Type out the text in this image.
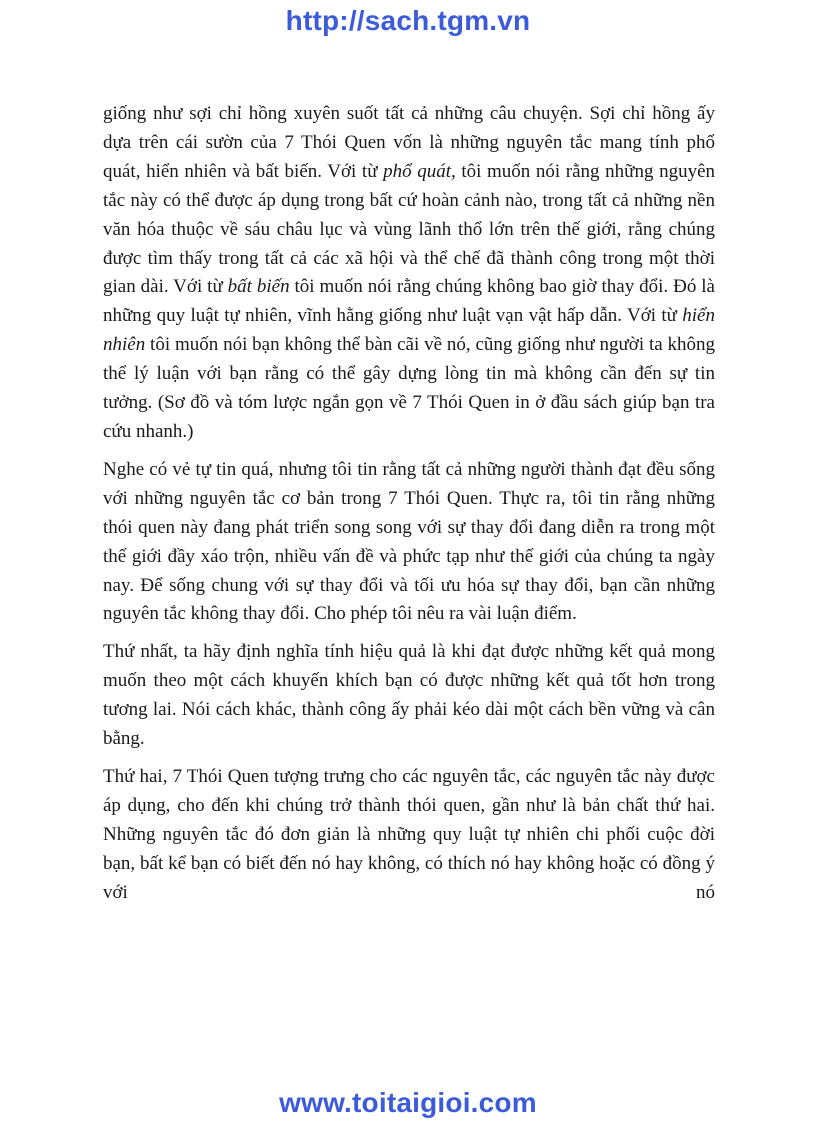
http://sach.tgm.vn

giống như sợi chỉ hồng xuyên suốt tất cả những câu chuyện. Sợi chỉ hồng ấy dựa trên cái sườn của 7 Thói Quen vốn là những nguyên tắc mang tính phổ quát, hiển nhiên và bất biến. Với từ phổ quát, tôi muốn nói rằng những nguyên tắc này có thể được áp dụng trong bất cứ hoàn cảnh nào, trong tất cả những nền văn hóa thuộc về sáu châu lục và vùng lãnh thổ lớn trên thế giới, rằng chúng được tìm thấy trong tất cả các xã hội và thể chế đã thành công trong một thời gian dài. Với từ bất biến tôi muốn nói rằng chúng không bao giờ thay đổi. Đó là những quy luật tự nhiên, vĩnh hằng giống như luật vạn vật hấp dẫn. Với từ hiển nhiên tôi muốn nói bạn không thể bàn cãi về nó, cũng giống như người ta không thể lý luận với bạn rằng có thể gây dựng lòng tin mà không cần đến sự tin tưởng. (Sơ đồ và tóm lược ngắn gọn về 7 Thói Quen in ở đầu sách giúp bạn tra cứu nhanh.)

Nghe có vẻ tự tin quá, nhưng tôi tin rằng tất cả những người thành đạt đều sống với những nguyên tắc cơ bản trong 7 Thói Quen. Thực ra, tôi tin rằng những thói quen này đang phát triển song song với sự thay đổi đang diễn ra trong một thế giới đầy xáo trộn, nhiều vấn đề và phức tạp như thế giới của chúng ta ngày nay. Để sống chung với sự thay đổi và tối ưu hóa sự thay đổi, bạn cần những nguyên tắc không thay đổi. Cho phép tôi nêu ra vài luận điểm.

Thứ nhất, ta hãy định nghĩa tính hiệu quả là khi đạt được những kết quả mong muốn theo một cách khuyến khích bạn có được những kết quả tốt hơn trong tương lai. Nói cách khác, thành công ấy phải kéo dài một cách bền vững và cân bằng.

Thứ hai, 7 Thói Quen tượng trưng cho các nguyên tắc, các nguyên tắc này được áp dụng, cho đến khi chúng trở thành thói quen, gần như là bản chất thứ hai. Những nguyên tắc đó đơn giản là những quy luật tự nhiên chi phối cuộc đời bạn, bất kể bạn có biết đến nó hay không, có thích nó hay không hoặc có đồng ý với nó

www.toitaigioi.com
